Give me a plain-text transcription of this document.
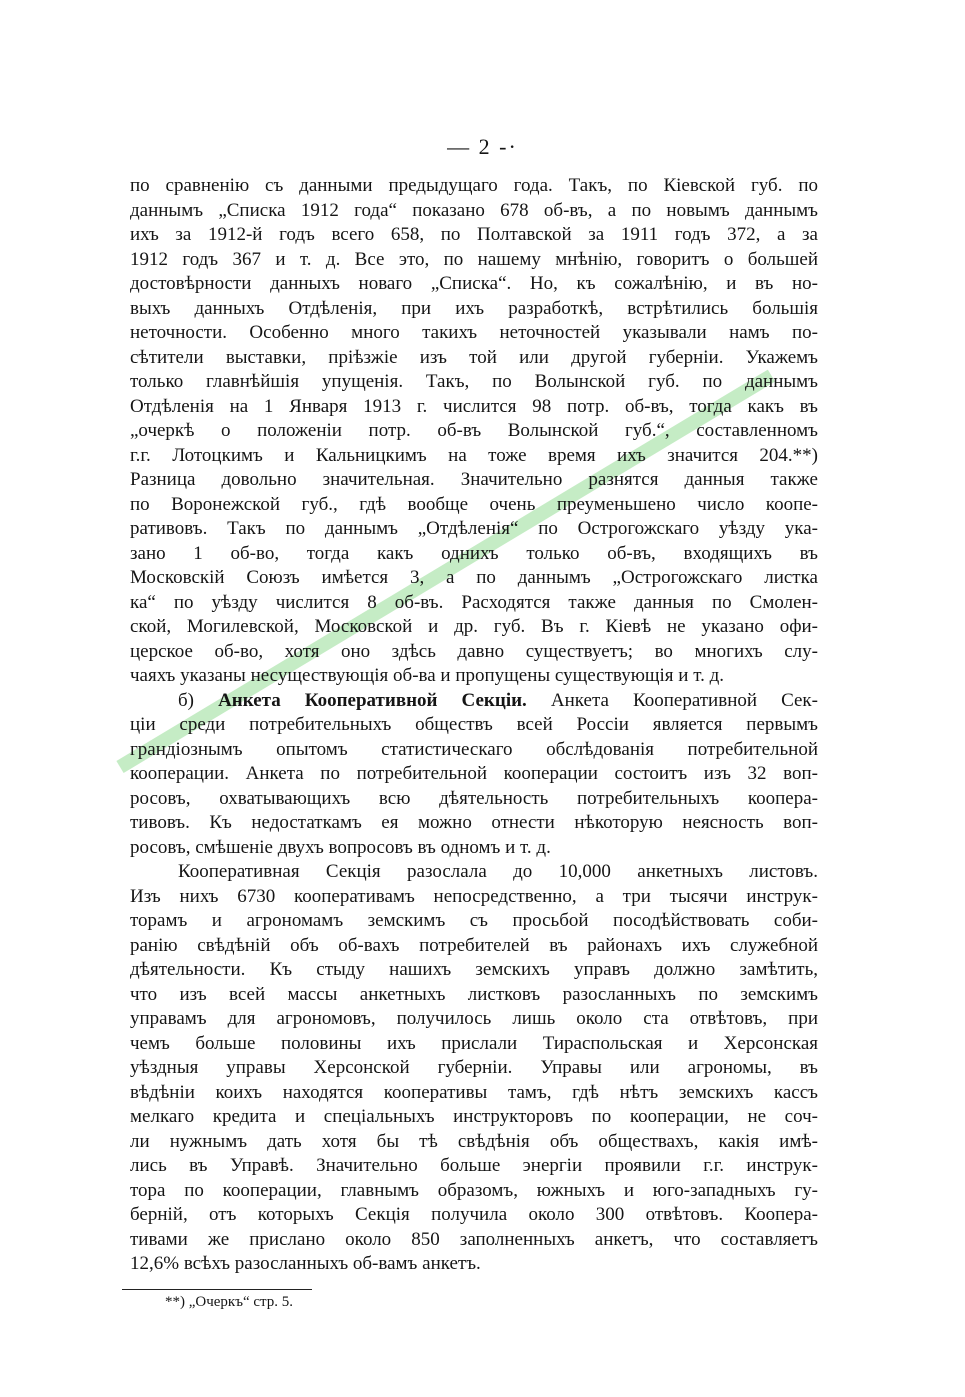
— 2 -·
по сравненію съ данными предыдущаго года. Такъ, по Кіевской губ. по
даннымъ „Списка 1912 года“ показано 678 об-въ, а по новымъ даннымъ
ихъ за 1912-й годъ всего 658, по Полтавской за 1911 годъ 372, а за
1912 годъ 367 и т. д. Все это, по нашему мнѣнію, говоритъ о большей
достовѣрности данныхъ новаго „Списка“. Но, къ сожалѣнію, и въ но-
выхъ данныхъ Отдѣленія, при ихъ разработкѣ, встрѣтились большія
неточности. Особенно много такихъ неточностей указывали намъ по-
сѣтители выставки, пріѣзжіе изъ той или другой губерніи. Укажемъ
только главнѣйшія упущенія. Такъ, по Волынской губ. по даннымъ
Отдѣленія на 1 Января 1913 г. числится 98 потр. об-въ, тогда какъ въ
„очеркѣ о положеніи потр. об-въ Волынской губ.“, составленномъ
г.г. Лотоцкимъ и Кальницкимъ на тоже время ихъ значится 204.**)
Разница довольно значительная. Значительно разнятся данныя также
по Воронежской губ., гдѣ вообще очень преуменьшено число коопе-
ративовъ. Такъ по даннымъ „Отдѣленія“ по Острогожскаго уѣзду ука-
зано 1 об-во, тогда какъ однихъ только об-въ, входящихъ въ
Московскій Союзъ имѣется 3, а по даннымъ „Острогожскаго листка
ка“ по уѣзду числится 8 об-въ. Расходятся также данныя по Смолен-
ской, Могилевской, Московской и др. губ. Въ г. Кіевѣ не указано офи-
церское об-во, хотя оно здѣсь давно существуетъ; во многихъ слу-
чаяхъ указаны несуществующія об-ва и пропущены существующія и т. д.
б) Анкета Кооперативной Секціи. Анкета Кооперативной Сек-
ціи среди потребительныхъ обществъ всей Россіи является первымъ
грандіознымъ опытомъ статистическаго обслѣдованія потребительной
кооперации. Анкета по потребительной кооперации состоитъ изъ 32 воп-
росовъ, охватывающихъ всю дѣятельность потребительныхъ коопера-
тивовъ. Къ недостаткамъ ея можно отнести нѣкоторую неясность воп-
росовъ, смѣшеніе двухъ вопросовъ въ одномъ и т. д.
Кооперативная Секція разослала до 10,000 анкетныхъ листовъ.
Изъ нихъ 6730 кооперативамъ непосредственно, а три тысячи инструк-
торамъ и агрономамъ земскимъ съ просьбой посодѣйствовать соби-
ранію свѣдѣній объ об-вахъ потребителей въ районахъ ихъ служебной
дѣятельности. Къ стыду нашихъ земскихъ управъ должно замѣтить,
что изъ всей массы анкетныхъ листковъ разосланныхъ по земскимъ
управамъ для агрономовъ, получилось лишь около ста отвѣтовъ, при
чемъ больше половины ихъ прислали Тираспольская и Херсонская
уѣздныя управы Херсонской губерніи. Управы или агрономы, въ
вѣдѣніи коихъ находятся кооперативы тамъ, гдѣ нѣтъ земскихъ кассъ
мелкаго кредита и спеціальныхъ инструкторовъ по кооперации, не соч-
ли нужнымъ дать хотя бы тѣ свѣдѣнія объ обществахъ, какія имѣ-
лись въ Управѣ. Значительно больше энергіи проявили г.г. инструк-
тора по кооперации, главнымъ образомъ, южныхъ и юго-западныхъ гу-
берній, отъ которыхъ Секція получила около 300 отвѣтовъ. Коопера-
тивами же прислано около 850 заполненныхъ анкетъ, что составляетъ
12,6% всѣхъ разосланныхъ об-вамъ анкетъ.
**) „Очеркъ“ стр. 5.
